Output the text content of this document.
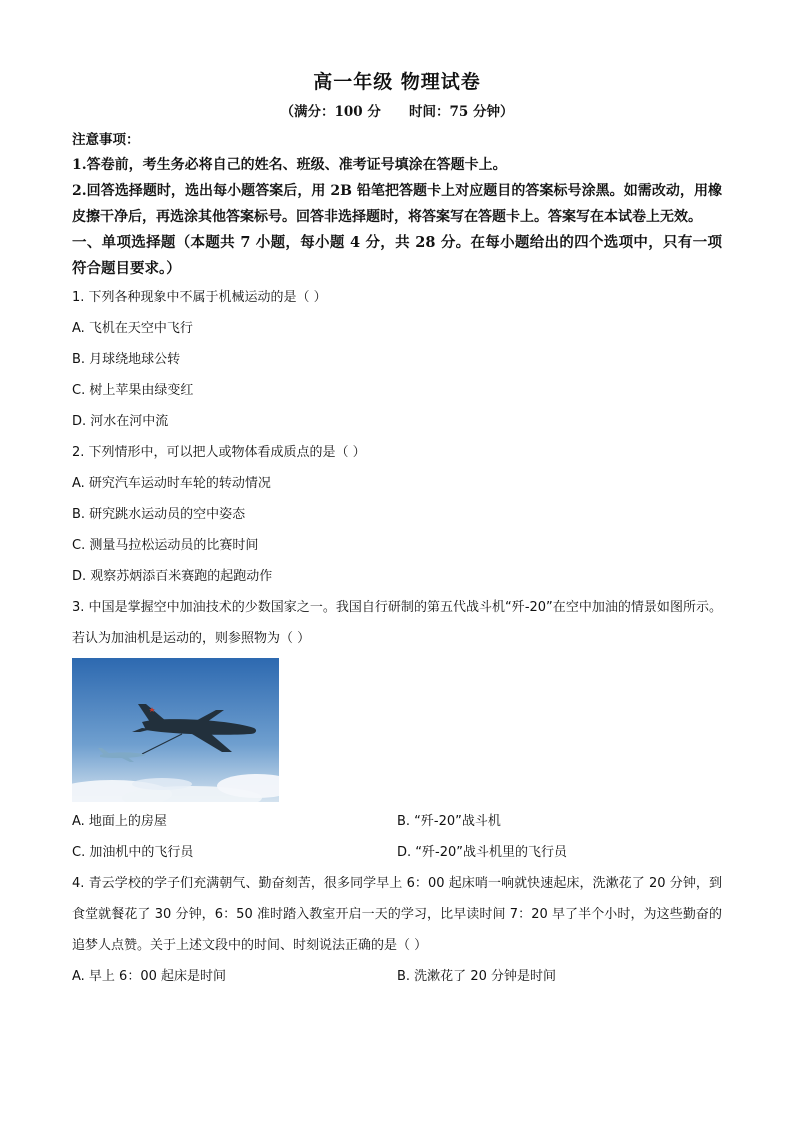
高一年级 物理试卷
（满分：100 分      时间：75 分钟）
注意事项：
1.答卷前，考生务必将自己的姓名、班级、准考证号填涂在答题卡上。
2.回答选择题时，选出每小题答案后，用 2B 铅笔把答题卡上对应题目的答案标号涂黑。如需改动，用橡皮擦干净后，再选涂其他答案标号。回答非选择题时，将答案写在答题卡上。答案写在本试卷上无效。
一、单项选择题（本题共 7 小题，每小题 4 分，共 28 分。在每小题给出的四个选项中，只有一项符合题目要求。）
1. 下列各种现象中不属于机械运动的是（ ）
A. 飞机在天空中飞行
B. 月球绕地球公转
C. 树上苹果由绿变红
D. 河水在河中流
2. 下列情形中，可以把人或物体看成质点的是（ ）
A. 研究汽车运动时车轮的转动情况
B. 研究跳水运动员的空中姿态
C. 测量马拉松运动员的比赛时间
D. 观察苏炳添百米赛跑的起跑动作
3. 中国是掌握空中加油技术的少数国家之一。我国自行研制的第五代战斗机“歼-20”在空中加油的情景如图所示。若认为加油机是运动的，则参照物为（ ）
A. 地面上的房屋	B. “歼-20”战斗机
C. 加油机中的飞行员	D. “歼-20”战斗机里的飞行员
4. 青云学校的学子们充满朝气、勤奋刻苦，很多同学早上 6：00 起床哨一响就快速起床，洗漱花了 20 分钟，到食堂就餐花了 30 分钟，6：50 准时踏入教室开启一天的学习，比早读时间 7：20 早了半个小时，为这些勤奋的追梦人点赞。关于上述文段中的时间、时刻说法正确的是（ ）
A. 早上 6：00 起床是时间	B. 洗漱花了 20 分钟是时间
